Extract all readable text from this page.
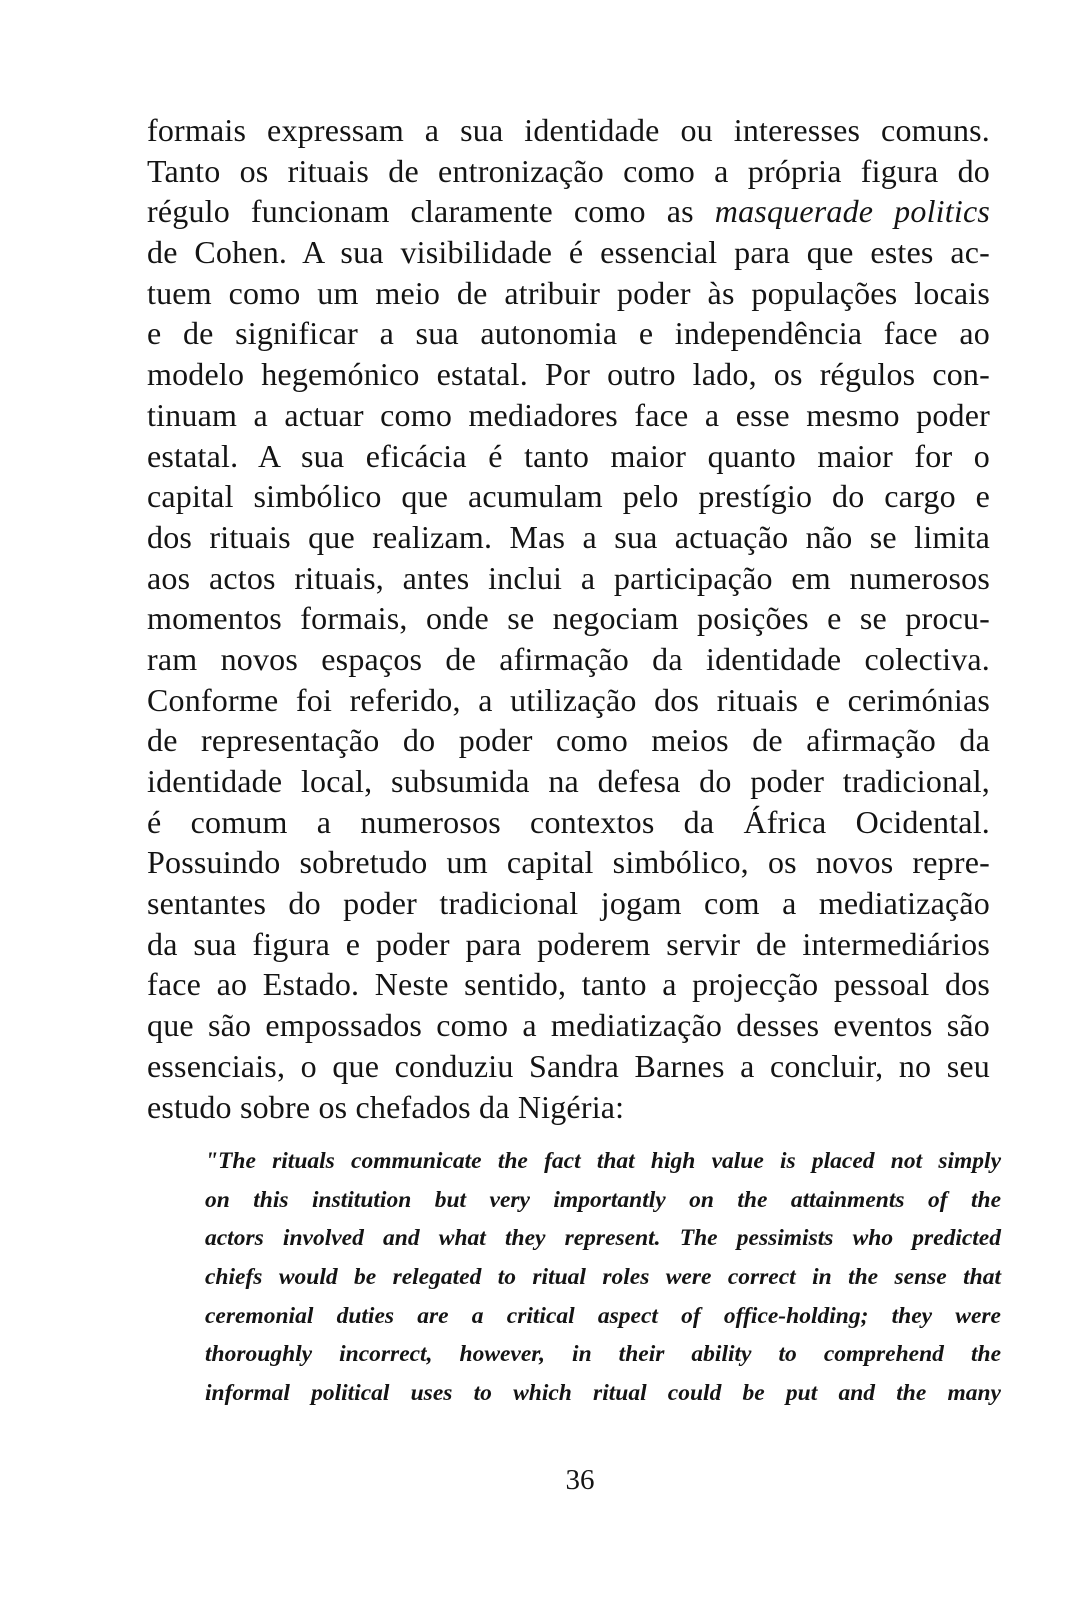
formais expressam a sua identidade ou interesses comuns.
Tanto os rituais de entronização como a própria figura do
régulo funcionam claramente como as masquerade politics
de Cohen. A sua visibilidade é essencial para que estes ac-
tuem como um meio de atribuir poder às populações locais
e de significar a sua autonomia e independência face ao
modelo hegemónico estatal. Por outro lado, os régulos con-
tinuam a actuar como mediadores face a esse mesmo poder
estatal. A sua eficácia é tanto maior quanto maior for o
capital simbólico que acumulam pelo prestígio do cargo e
dos rituais que realizam. Mas a sua actuação não se limita
aos actos rituais, antes inclui a participação em numerosos
momentos formais, onde se negociam posições e se procu-
ram novos espaços de afirmação da identidade colectiva.
Conforme foi referido, a utilização dos rituais e cerimónias
de representação do poder como meios de afirmação da
identidade local, subsumida na defesa do poder tradicional,
é comum a numerosos contextos da África Ocidental.
Possuindo sobretudo um capital simbólico, os novos repre-
sentantes do poder tradicional jogam com a mediatização
da sua figura e poder para poderem servir de intermediários
face ao Estado. Neste sentido, tanto a projecção pessoal dos
que são empossados como a mediatização desses eventos são
essenciais, o que conduziu Sandra Barnes a concluir, no seu
estudo sobre os chefados da Nigéria:
"The rituals communicate the fact that high value is placed not simply
on this institution but very importantly on the attainments of the
actors involved and what they represent. The pessimists who predicted
chiefs would be relegated to ritual roles were correct in the sense that
ceremonial duties are a critical aspect of office-holding; they were
thoroughly incorrect, however, in their ability to comprehend the
informal political uses to which ritual could be put and the many
36
